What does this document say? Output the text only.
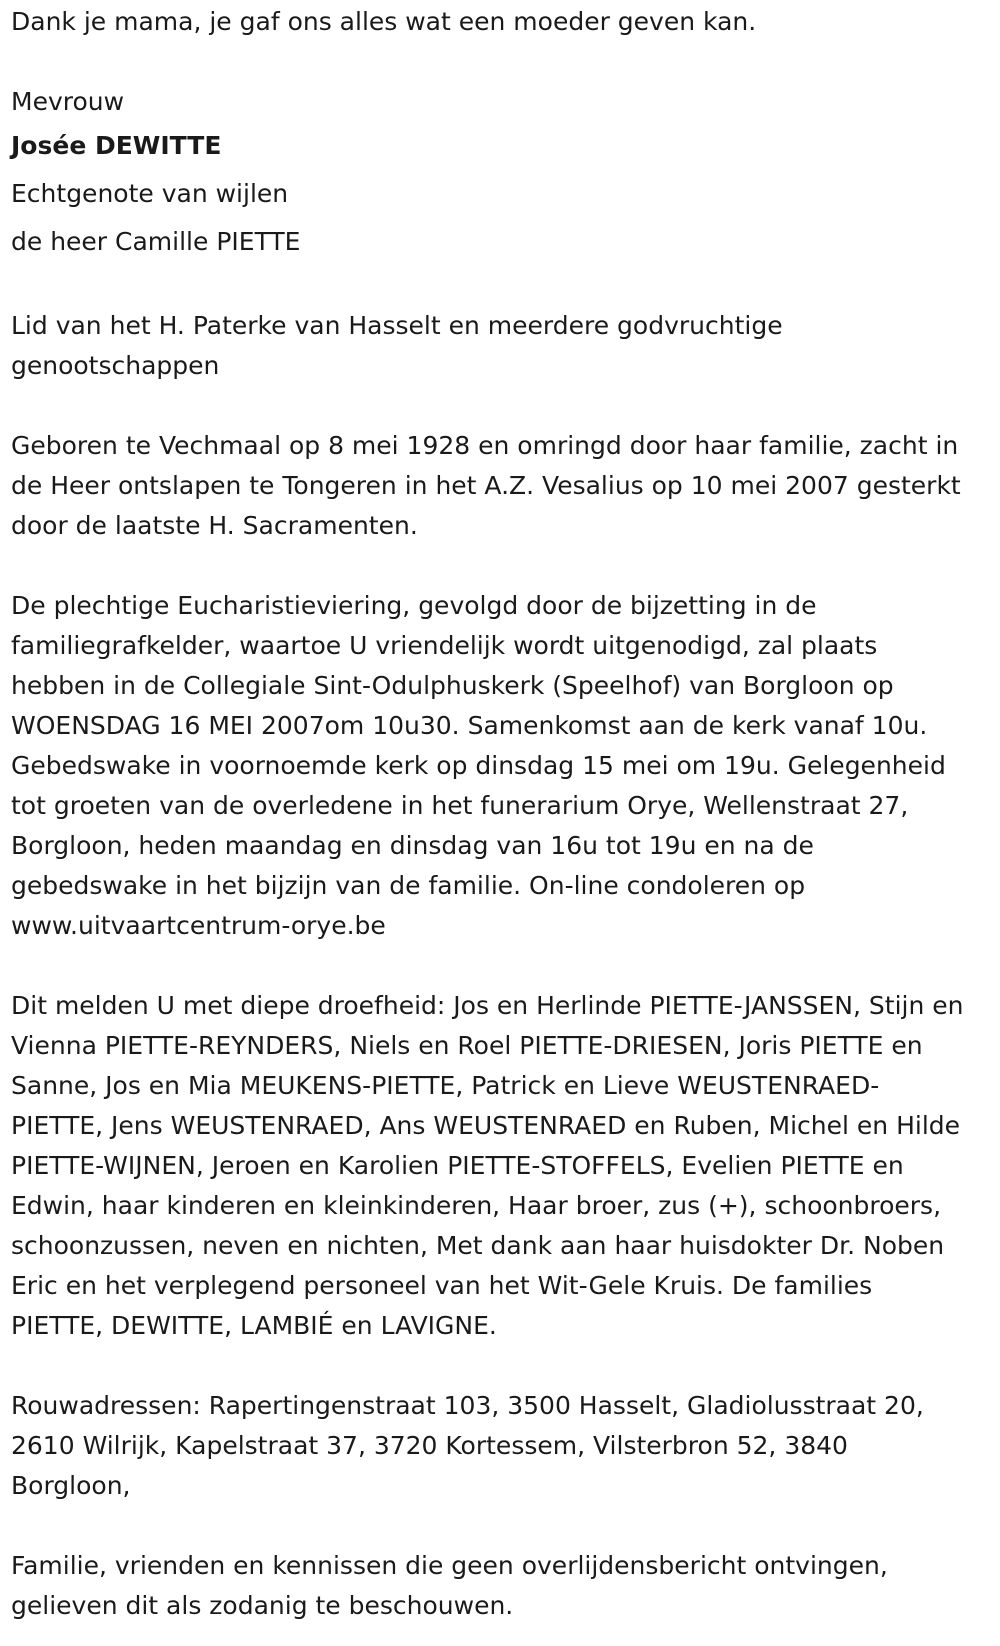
Dank je mama, je gaf ons alles wat een moeder geven kan.

Mevrouw

Josée DEWITTE

Echtgenote van wijlen

de heer Camille PIETTE

Lid van het H. Paterke van Hasselt en meerdere godvruchtige genootschappen

Geboren te Vechmaal op 8 mei 1928 en omringd door haar familie, zacht in de Heer ontslapen te Tongeren in het A.Z. Vesalius op 10 mei 2007 gesterkt door de laatste H. Sacramenten.

De plechtige Eucharistieviering, gevolgd door de bijzetting in de familiegrafkelder, waartoe U vriendelijk wordt uitgenodigd, zal plaats hebben in de Collegiale Sint-Odulphuskerk (Speelhof) van Borgloon op WOENSDAG 16 MEI 2007om 10u30. Samenkomst aan de kerk vanaf 10u. Gebedswake in voornoemde kerk op dinsdag 15 mei om 19u. Gelegenheid tot groeten van de overledene in het funerarium Orye, Wellenstraat 27, Borgloon, heden maandag en dinsdag van 16u tot 19u en na de gebedswake in het bijzijn van de familie. On-line condoleren op www.uitvaartcentrum-orye.be

Dit melden U met diepe droefheid: Jos en Herlinde PIETTE-JANSSEN, Stijn en Vienna PIETTE-REYNDERS, Niels en Roel PIETTE-DRIESEN, Joris PIETTE en Sanne, Jos en Mia MEUKENS-PIETTE, Patrick en Lieve WEUSTENRAED-PIETTE, Jens WEUSTENRAED, Ans WEUSTENRAED en Ruben, Michel en Hilde PIETTE-WIJNEN, Jeroen en Karolien PIETTE-STOFFELS, Evelien PIETTE en Edwin, haar kinderen en kleinkinderen, Haar broer, zus (+), schoonbroers, schoonzussen, neven en nichten, Met dank aan haar huisdokter Dr. Noben Eric en het verplegend personeel van het Wit-Gele Kruis. De families PIETTE, DEWITTE, LAMBIÉ en LAVIGNE.

Rouwadressen: Rapertingenstraat 103, 3500 Hasselt, Gladiolusstraat 20, 2610 Wilrijk, Kapelstraat 37, 3720 Kortessem, Vilsterbron 52, 3840 Borgloon,

Familie, vrienden en kennissen die geen overlijdensbericht ontvingen, gelieven dit als zodanig te beschouwen.
